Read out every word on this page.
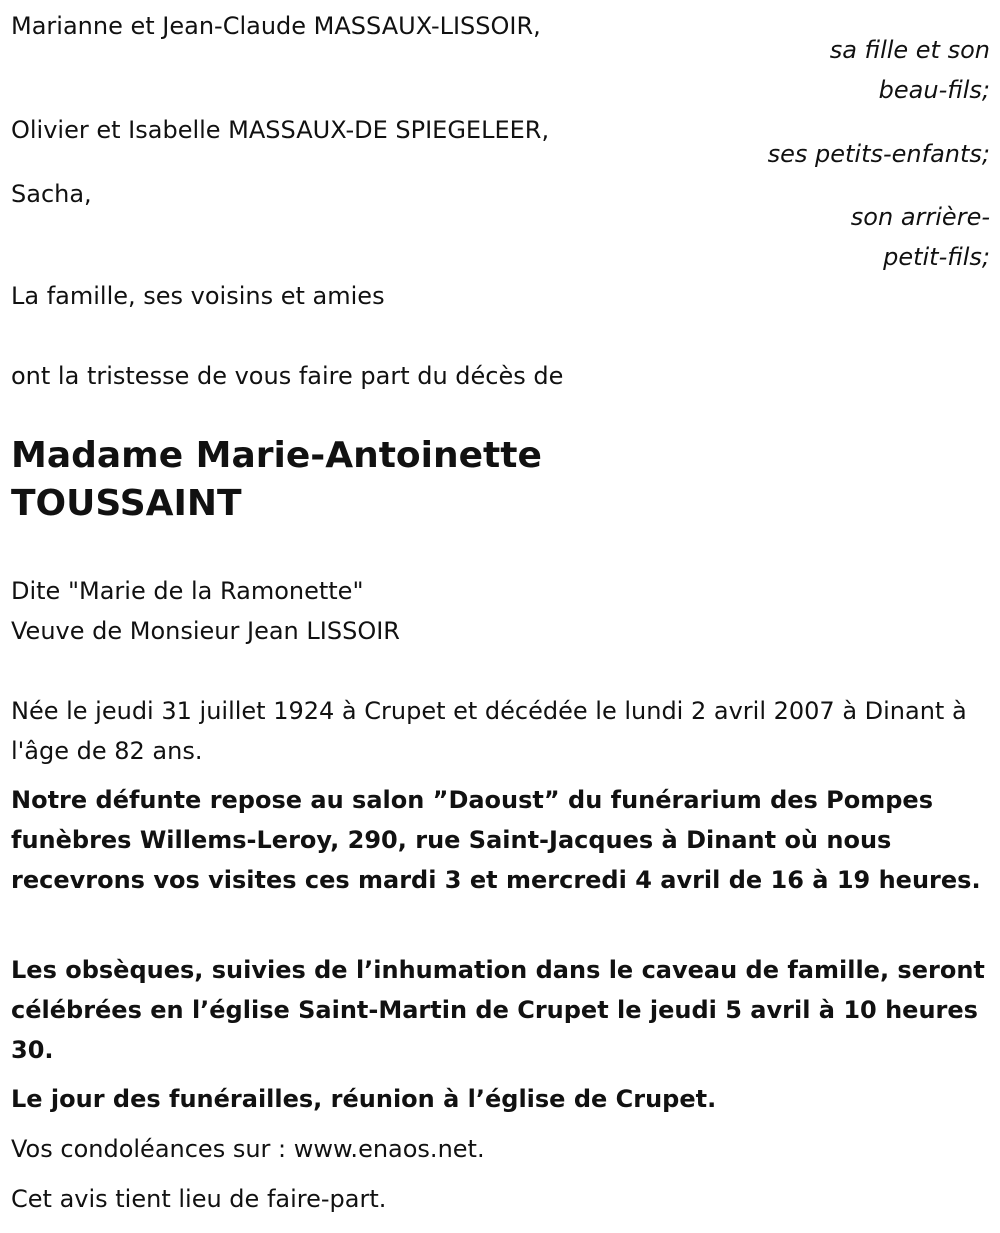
Marianne et Jean-Claude MASSAUX-LISSOIR,
sa fille et son
beau-fils;
Olivier et Isabelle MASSAUX-DE SPIEGELEER,
ses petits-enfants;
Sacha,
son arrière-
petit-fils;
La famille, ses voisins et amies
ont la tristesse de vous faire part du décès de
Madame Marie-Antoinette
TOUSSAINT
Dite "Marie de la Ramonette"
Veuve de Monsieur Jean LISSOIR
Née le jeudi 31 juillet 1924 à Crupet et décédée le lundi 2 avril 2007 à Dinant à l'âge de 82 ans.
Notre défunte repose au salon ”Daoust” du funérarium des Pompes funèbres Willems-Leroy, 290, rue Saint-Jacques à Dinant où nous recevrons vos visites ces mardi 3 et mercredi 4 avril de 16 à 19 heures.
Les obsèques, suivies de l’inhumation dans le caveau de famille, seront célébrées en l’église Saint-Martin de Crupet le jeudi 5 avril à 10 heures 30.
Le jour des funérailles, réunion à l’église de Crupet.
Vos condoléances sur : www.enaos.net.
Cet avis tient lieu de faire-part.
